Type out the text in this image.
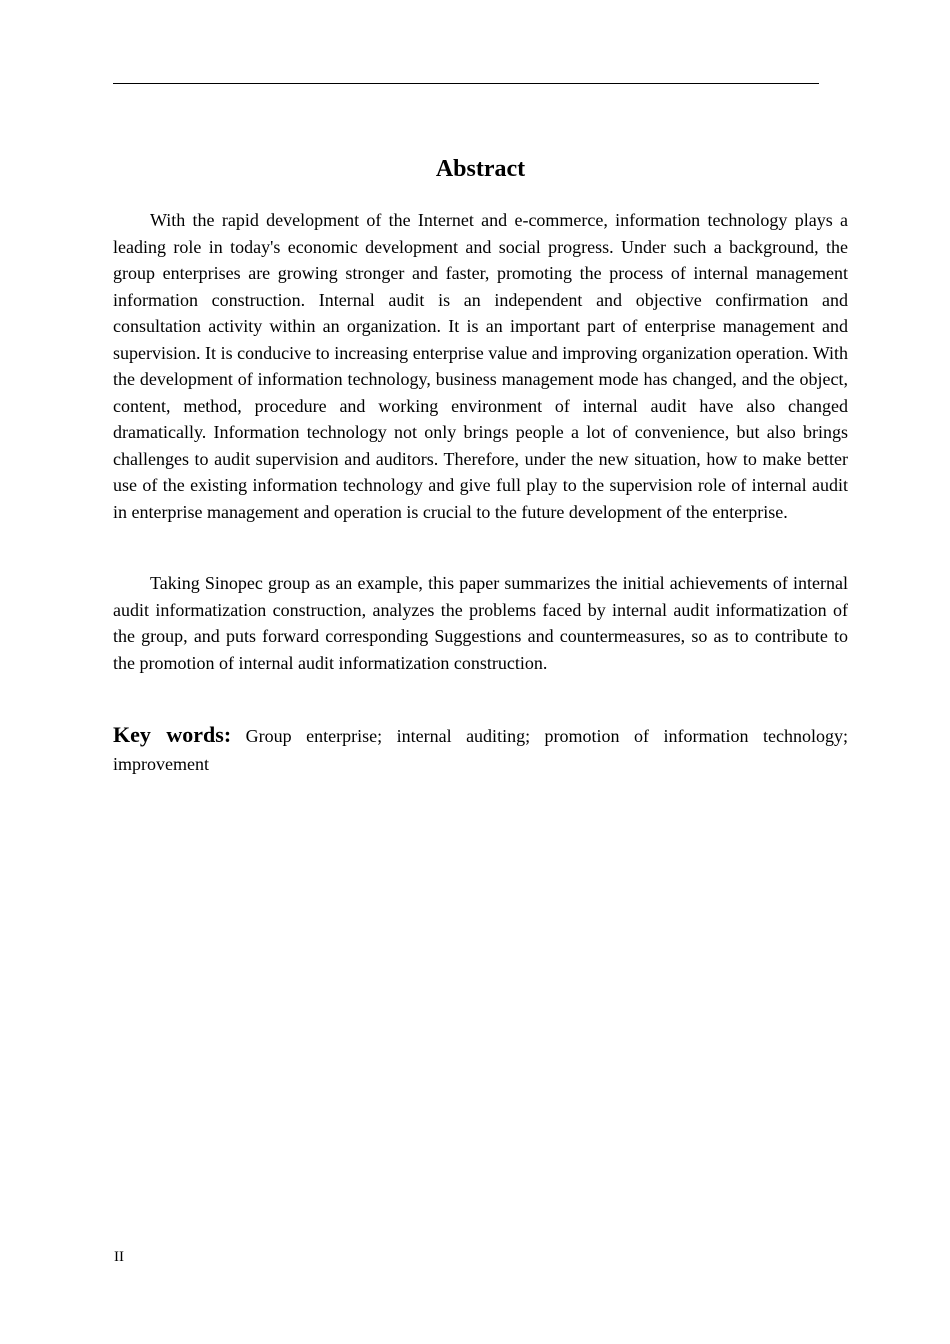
Abstract

With the rapid development of the Internet and e-commerce, information technology plays a leading role in today's economic development and social progress. Under such a background, the group enterprises are growing stronger and faster, promoting the process of internal management information construction. Internal audit is an independent and objective confirmation and consultation activity within an organization. It is an important part of enterprise management and supervision. It is conducive to increasing enterprise value and improving organization operation. With the development of information technology, business management mode has changed, and the object, content, method, procedure and working environment of internal audit have also changed dramatically. Information technology not only brings people a lot of convenience, but also brings challenges to audit supervision and auditors. Therefore, under the new situation, how to make better use of the existing information technology and give full play to the supervision role of internal audit in enterprise management and operation is crucial to the future development of the enterprise.

Taking Sinopec group as an example, this paper summarizes the initial achievements of internal audit informatization construction, analyzes the problems faced by internal audit informatization of the group, and puts forward corresponding Suggestions and countermeasures, so as to contribute to the promotion of internal audit informatization construction.

Key words: Group enterprise; internal auditing; promotion of information technology; improvement

II
